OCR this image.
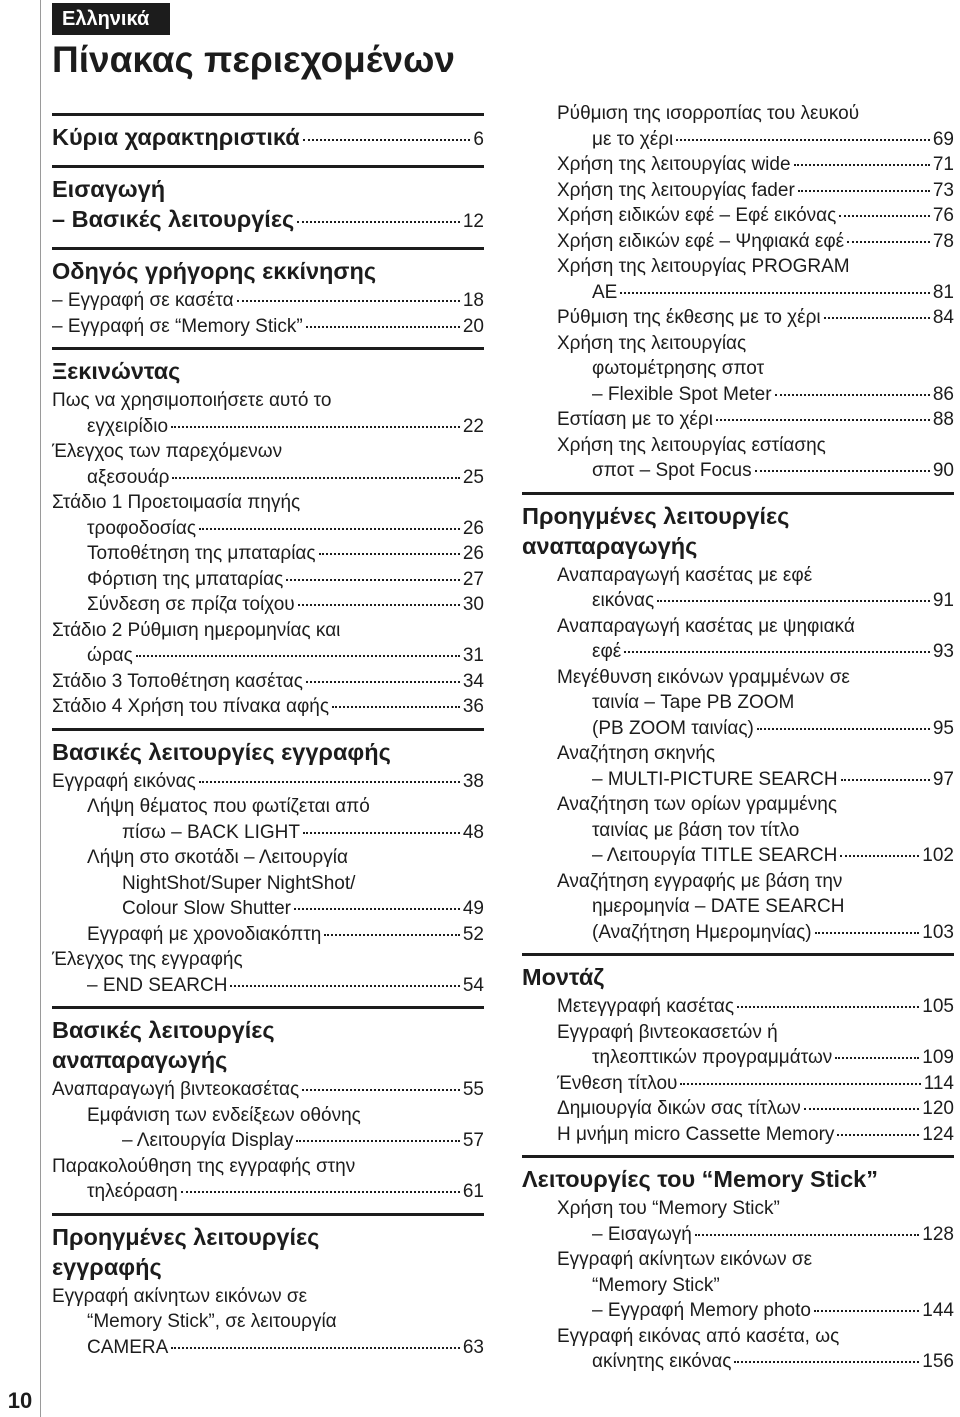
Ελληνικά
Πίνακας περιεχομένων
10
Κύρια χαρακτηριστικά	6
Εισαγωγή
– Βασικές λειτουργίες	12
Οδηγός γρήγορης εκκίνησης
– Εγγραφή σε κασέτα	18
– Εγγραφή σε “Memory Stick”	20
Ξεκινώντας
Πως να χρησιμοποιήσετε αυτό το
εγχειρίδιο	22
Έλεγχος των παρεχόμενων
αξεσουάρ	25
Στάδιο 1 Προετοιμασία πηγής
τροφοδοσίας	26
Τοποθέτηση της μπαταρίας	26
Φόρτιση της μπαταρίας	27
Σύνδεση σε πρίζα τοίχου	30
Στάδιο 2 Ρύθμιση ημερομηνίας και
ώρας	31
Στάδιο 3 Τοποθέτηση κασέτας	34
Στάδιο 4 Χρήση του πίνακα αφής	36
Βασικές λειτουργίες εγγραφής
Εγγραφή εικόνας	38
Λήψη θέματος που φωτίζεται από
πίσω – BACK LIGHT	48
Λήψη στο σκοτάδι – Λειτουργία
NightShot/Super NightShot/
Colour Slow Shutter	49
Εγγραφή με χρονοδιακόπτη	52
Έλεγχος της εγγραφής
– END SEARCH	54
Βασικές λειτουργίες
αναπαραγωγής
Αναπαραγωγή βιντεοκασέτας	55
Εμφάνιση των ενδείξεων οθόνης
– Λειτουργία Display	57
Παρακολούθηση της εγγραφής στην
τηλεόραση	61
Προηγμένες λειτουργίες
εγγραφής
Εγγραφή ακίνητων εικόνων σε
“Memory Stick”, σε λειτουργία
CAMERA	63
Ρύθμιση της ισορροπίας του λευκού
με το χέρι	69
Χρήση της λειτουργίας wide	71
Χρήση της λειτουργίας fader	73
Χρήση ειδικών εφέ – Εφέ εικόνας	76
Χρήση ειδικών εφέ – Ψηφιακά εφέ	78
Χρήση της λειτουργίας PROGRAM
AE	81
Ρύθμιση της έκθεσης με το χέρι	84
Χρήση της λειτουργίας
φωτομέτρησης σποτ
– Flexible Spot Meter	86
Εστίαση με το χέρι	88
Χρήση της λειτουργίας εστίασης
σποτ – Spot Focus	90
Προηγμένες λειτουργίες
αναπαραγωγής
Αναπαραγωγή κασέτας με εφέ
εικόνας	91
Αναπαραγωγή κασέτας με ψηφιακά
εφέ	93
Μεγέθυνση εικόνων γραμμένων σε
ταινία – Tape PB ZOOM
(PB ZOOM ταινίας)	95
Αναζήτηση σκηνής
– MULTI-PICTURE SEARCH	97
Αναζήτηση των ορίων γραμμένης
ταινίας με βάση τον τίτλο
– Λειτουργία TITLE SEARCH	102
Αναζήτηση εγγραφής με βάση την
ημερομηνία – DATE SEARCH
(Αναζήτηση Ημερομηνίας)	103
Μοντάζ
Μετεγγραφή κασέτας	105
Εγγραφή βιντεοκασετών ή
τηλεοπτικών προγραμμάτων	109
Ένθεση τίτλου	114
Δημιουργία δικών σας τίτλων	120
Η μνήμη micro Cassette Memory	124
Λειτουργίες του “Memory Stick”
Χρήση του “Memory Stick”
– Εισαγωγή	128
Εγγραφή ακίνητων εικόνων σε
“Memory Stick”
– Εγγραφή Memory photo	144
Εγγραφή εικόνας από κασέτα, ως
ακίνητης εικόνας	156
